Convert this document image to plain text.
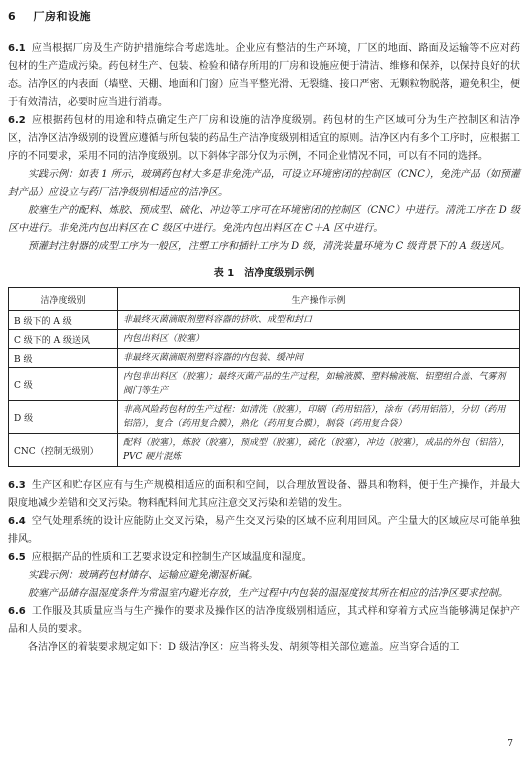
6 厂房和设施

6.1 应当根据厂房及生产防护措施综合考虑选址。企业应有整洁的生产环境，厂区的地面、路面及运输等不应对药包材的生产造成污染。药包材生产、包装、检验和储存所用的厂房和设施应便于清洁、维修和保养，以保持良好的状态。洁净区的内表面（墙壁、天棚、地面和门窗）应当平整光滑、无裂缝、接口严密、无颗粒物脱落，避免积尘，便于有效清洁，必要时应当进行消毒。

6.2 应根据药包材的用途和特点确定生产厂房和设施的洁净度级别。药包材的生产区域可分为生产控制区和洁净区，洁净区洁净级别的设置应遵循与所包装的药品生产洁净度级别相适宜的原则。洁净区内有多个工序时，应根据工序的不同要求，采用不同的洁净度级别。以下斜体字部分仅为示例，不同企业情况不同，可以有不同的选择。

实践示例：如表 1 所示，玻璃药包材大多是非免洗产品，可设立环境密闭的控制区（CNC），免洗产品（如预灌封产品）应设立与药厂洁净级别相适应的洁净区。

胶塞生产的配料、炼胶、预成型、硫化、冲边等工序可在环境密闭的控制区（CNC）中进行。清洗工序在 D 级区中进行。非免洗内包出料区在 C 级区中进行。免洗内包出料区在 C＋A 区中进行。

预灌封注射器的成型工序为一般区，注塑工序和插针工序为 D 级，清洗装量环境为 C 级背景下的 A 级送风。

表 1　洁净度级别示例
洁净度级别	生产操作示例
B 级下的 A 级	非最终灭菌滴眼剂塑料容器的挤吹、成型和封口
C 级下的 A 级送风	内包出料区（胶塞）
B 级	非最终灭菌滴眼剂塑料容器的内包装、缓冲间
C 级	内包非出料区（胶塞）；最终灭菌产品的生产过程，如输液膜、塑料输液瓶、铝塑组合盖、气雾剂阀门等生产
D 级	非高风险药包材的生产过程：如清洗（胶塞），印刷（药用铝箔），涂布（药用铝箔），分切（药用铝箔），复合（药用复合膜），熟化（药用复合膜），制袋（药用复合袋）
CNC（控制无级别）	配料（胶塞），炼胶（胶塞），预成型（胶塞），硫化（胶塞），冲边（胶塞），成品的外包（铝箔），PVC 硬片混炼

6.3 生产区和贮存区应有与生产规模相适应的面积和空间，以合理放置设备、器具和物料，便于生产操作，并最大限度地减少差错和交叉污染。物料配料间尤其应注意交叉污染和差错的发生。

6.4 空气处理系统的设计应能防止交叉污染，易产生交叉污染的区域不应利用回风。产尘量大的区域应尽可能单独排风。

6.5 应根据产品的性质和工艺要求设定和控制生产区域温度和湿度。

实践示例：玻璃药包材储存、运输应避免潮湿析碱。

胶塞产品储存温湿度条件为常温室内避光存放，生产过程中内包装的温湿度按其所在相应的洁净区要求控制。

6.6 工作服及其质量应当与生产操作的要求及操作区的洁净度级别相适应，其式样和穿着方式应当能够满足保护产品和人员的要求。

各洁净区的着装要求规定如下：D 级洁净区：应当将头发、胡须等相关部位遮盖。应当穿合适的工

7
